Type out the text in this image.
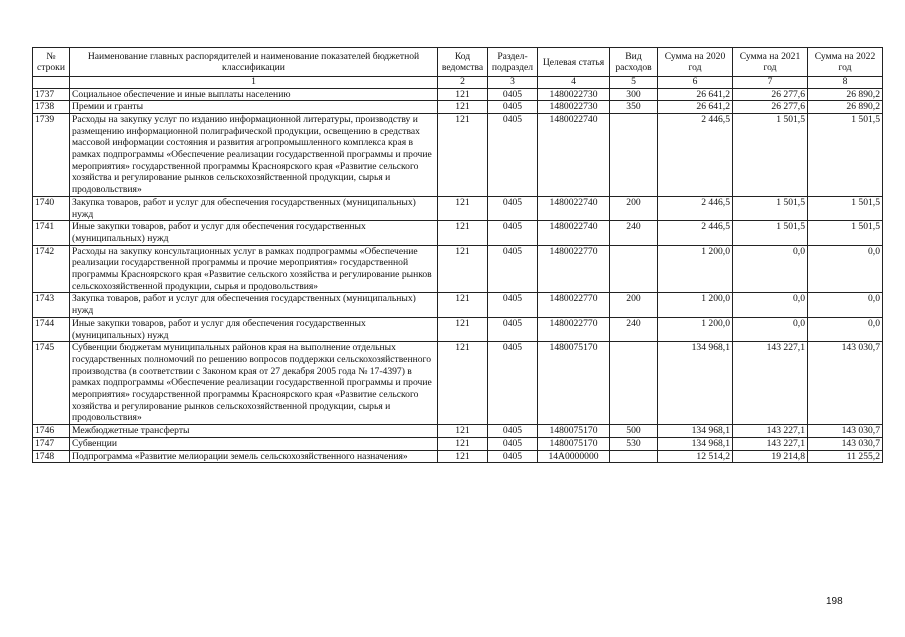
№ строки	Наименование главных распорядителей и наименование показателей бюджетной классификации	Код ведомства	Раздел-подраздел	Целевая статья	Вид расходов	Сумма на 2020 год	Сумма на 2021 год	Сумма на 2022 год
	1	2	3	4	5	6	7	8
1737	Социальное обеспечение и иные выплаты населению	121	0405	1480022730	300	26 641,2	26 277,6	26 890,2
1738	Премии и гранты	121	0405	1480022730	350	26 641,2	26 277,6	26 890,2
1739	Расходы на закупку услуг по изданию информационной литературы, производству и размещению информационной полиграфической продукции, освещению в средствах массовой информации состояния и развития агропромышленного комплекса края в рамках подпрограммы «Обеспечение реализации государственной программы и прочие мероприятия» государственной программы Красноярского края «Развитие сельского хозяйства и регулирование рынков сельскохозяйственной продукции, сырья и продовольствия»	121	0405	1480022740		2 446,5	1 501,5	1 501,5
1740	Закупка товаров, работ и услуг для обеспечения государственных (муниципальных) нужд	121	0405	1480022740	200	2 446,5	1 501,5	1 501,5
1741	Иные закупки товаров, работ и услуг для обеспечения государственных (муниципальных) нужд	121	0405	1480022740	240	2 446,5	1 501,5	1 501,5
1742	Расходы на закупку консультационных услуг в рамках подпрограммы «Обеспечение реализации государственной программы и прочие мероприятия» государственной программы Красноярского края «Развитие сельского хозяйства и регулирование рынков сельскохозяйственной продукции, сырья и продовольствия»	121	0405	1480022770		1 200,0	0,0	0,0
1743	Закупка товаров, работ и услуг для обеспечения государственных (муниципальных) нужд	121	0405	1480022770	200	1 200,0	0,0	0,0
1744	Иные закупки товаров, работ и услуг для обеспечения государственных (муниципальных) нужд	121	0405	1480022770	240	1 200,0	0,0	0,0
1745	Субвенции бюджетам муниципальных районов края на выполнение отдельных государственных полномочий по решению вопросов поддержки сельскохозяйственного производства (в соответствии с Законом края от 27 декабря 2005 года № 17-4397) в рамках подпрограммы «Обеспечение реализации государственной программы и прочие мероприятия» государственной программы Красноярского края «Развитие сельского хозяйства и регулирование рынков сельскохозяйственной продукции, сырья и продовольствия»	121	0405	1480075170		134 968,1	143 227,1	143 030,7
1746	Межбюджетные трансферты	121	0405	1480075170	500	134 968,1	143 227,1	143 030,7
1747	Субвенции	121	0405	1480075170	530	134 968,1	143 227,1	143 030,7
1748	Подпрограмма «Развитие мелиорации земель сельскохозяйственного назначения»	121	0405	14А0000000		12 514,2	19 214,8	11 255,2
198
